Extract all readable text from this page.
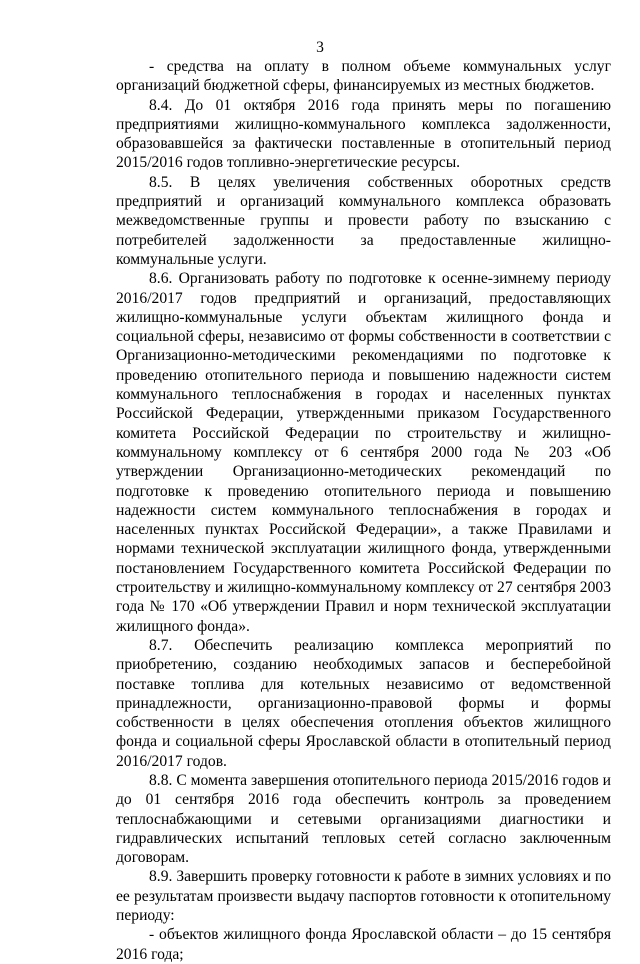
3

- средства на оплату в полном объеме коммунальных услуг организаций бюджетной сферы, финансируемых из местных бюджетов.

8.4. До 01 октября 2016 года принять меры по погашению предприятиями жилищно-коммунального комплекса задолженности, образовавшейся за фактически поставленные в отопительный период 2015/2016 годов топливно-энергетические ресурсы.

8.5. В целях увеличения собственных оборотных средств предприятий и организаций коммунального комплекса образовать межведомственные группы и провести работу по взысканию с потребителей задолженности за предоставленные жилищно-коммунальные услуги.

8.6. Организовать работу по подготовке к осенне-зимнему периоду 2016/2017 годов предприятий и организаций, предоставляющих жилищно-коммунальные услуги объектам жилищного фонда и социальной сферы, независимо от формы собственности в соответствии с Организационно-методическими рекомендациями по подготовке к проведению отопительного периода и повышению надежности систем коммунального теплоснабжения в городах и населенных пунктах Российской Федерации, утвержденными приказом Государственного комитета Российской Федерации по строительству и жилищно-коммунальному комплексу от 6 сентября 2000 года № 203 «Об утверждении Организационно-методических рекомендаций по подготовке к проведению отопительного периода и повышению надежности систем коммунального теплоснабжения в городах и населенных пунктах Российской Федерации», а также Правилами и нормами технической эксплуатации жилищного фонда, утвержденными постановлением Государственного комитета Российской Федерации по строительству и жилищно-коммунальному комплексу от 27 сентября 2003 года № 170 «Об утверждении Правил и норм технической эксплуатации жилищного фонда».

8.7. Обеспечить реализацию комплекса мероприятий по приобретению, созданию необходимых запасов и бесперебойной поставке топлива для котельных независимо от ведомственной принадлежности, организационно-правовой формы и формы собственности в целях обеспечения отопления объектов жилищного фонда и социальной сферы Ярославской области в отопительный период 2016/2017 годов.

8.8. С момента завершения отопительного периода 2015/2016 годов и до 01 сентября 2016 года обеспечить контроль за проведением теплоснабжающими и сетевыми организациями диагностики и гидравлических испытаний тепловых сетей согласно заключенным договорам.

8.9. Завершить проверку готовности к работе в зимних условиях и по ее результатам произвести выдачу паспортов готовности к отопительному периоду:

- объектов жилищного фонда Ярославской области – до 15 сентября 2016 года;
